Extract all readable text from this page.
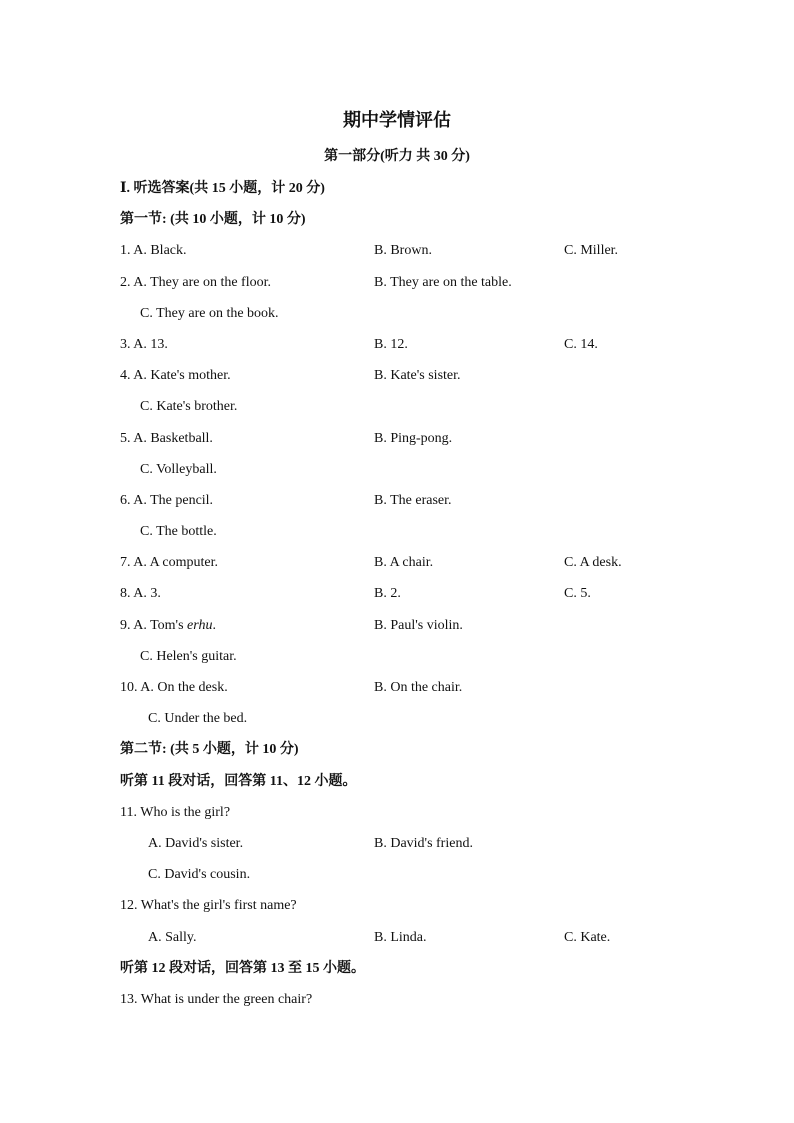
期中学情评估
第一部分(听力 共 30 分)
Ⅰ. 听选答案(共 15 小题，计 20 分)
第一节: (共 10 小题，计 10 分)
1. A. Black.	B. Brown.	C. Miller.
2. A. They are on the floor.	B. They are on the table.
C. They are on the book.
3. A. 13.	B. 12.	C. 14.
4. A. Kate's mother.	B. Kate's sister.
C. Kate's brother.
5. A. Basketball.	B. Ping-pong.
C. Volleyball.
6. A. The pencil.	B. The eraser.
C. The bottle.
7. A. A computer.	B. A chair.	C. A desk.
8. A. 3.	B. 2.	C. 5.
9. A. Tom's erhu.	B. Paul's violin.
C. Helen's guitar.
10. A. On the desk.	B. On the chair.
C. Under the bed.
第二节: (共 5 小题，计 10 分)
听第 11 段对话，回答第 11、12 小题。
11. Who is the girl?
A. David's sister.	B. David's friend.
C. David's cousin.
12. What's the girl's first name?
A. Sally.	B. Linda.	C. Kate.
听第 12 段对话，回答第 13 至 15 小题。
13. What is under the green chair?
